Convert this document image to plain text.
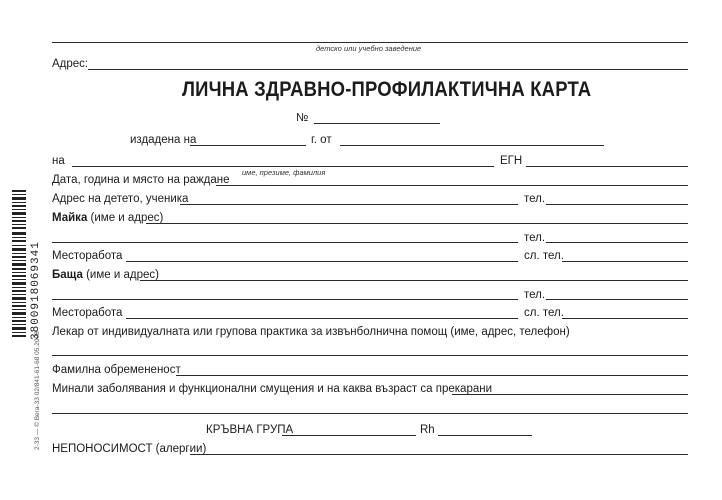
детско или учебно заведение
Адрес:
ЛИЧНА ЗДРАВНО-ПРОФИЛАКТИЧНА КАРТА
№
издадена на	г. от
на	ЕГН
име, презиме, фамилия
Дата, година и място на раждане
Адрес на детето, ученика	тел.
Майка (име и адрес)
тел.
Месторабота	сл. тел.
Баща (име и адрес)
тел.
Месторабота	сл. тел.
Лекар от индивидуалната или групова практика за извънболнична помощ (име, адрес, телефон)
Фамилна обремененост
Минали заболявания и функционални смущения и на каква възраст са прекарани
КРЪВНА ГРУПА	Rh
НЕПОНОСИМОСТ (алергии)
3800918069341
2-33 — © Вега-33 02/841-61-68 05.2008
